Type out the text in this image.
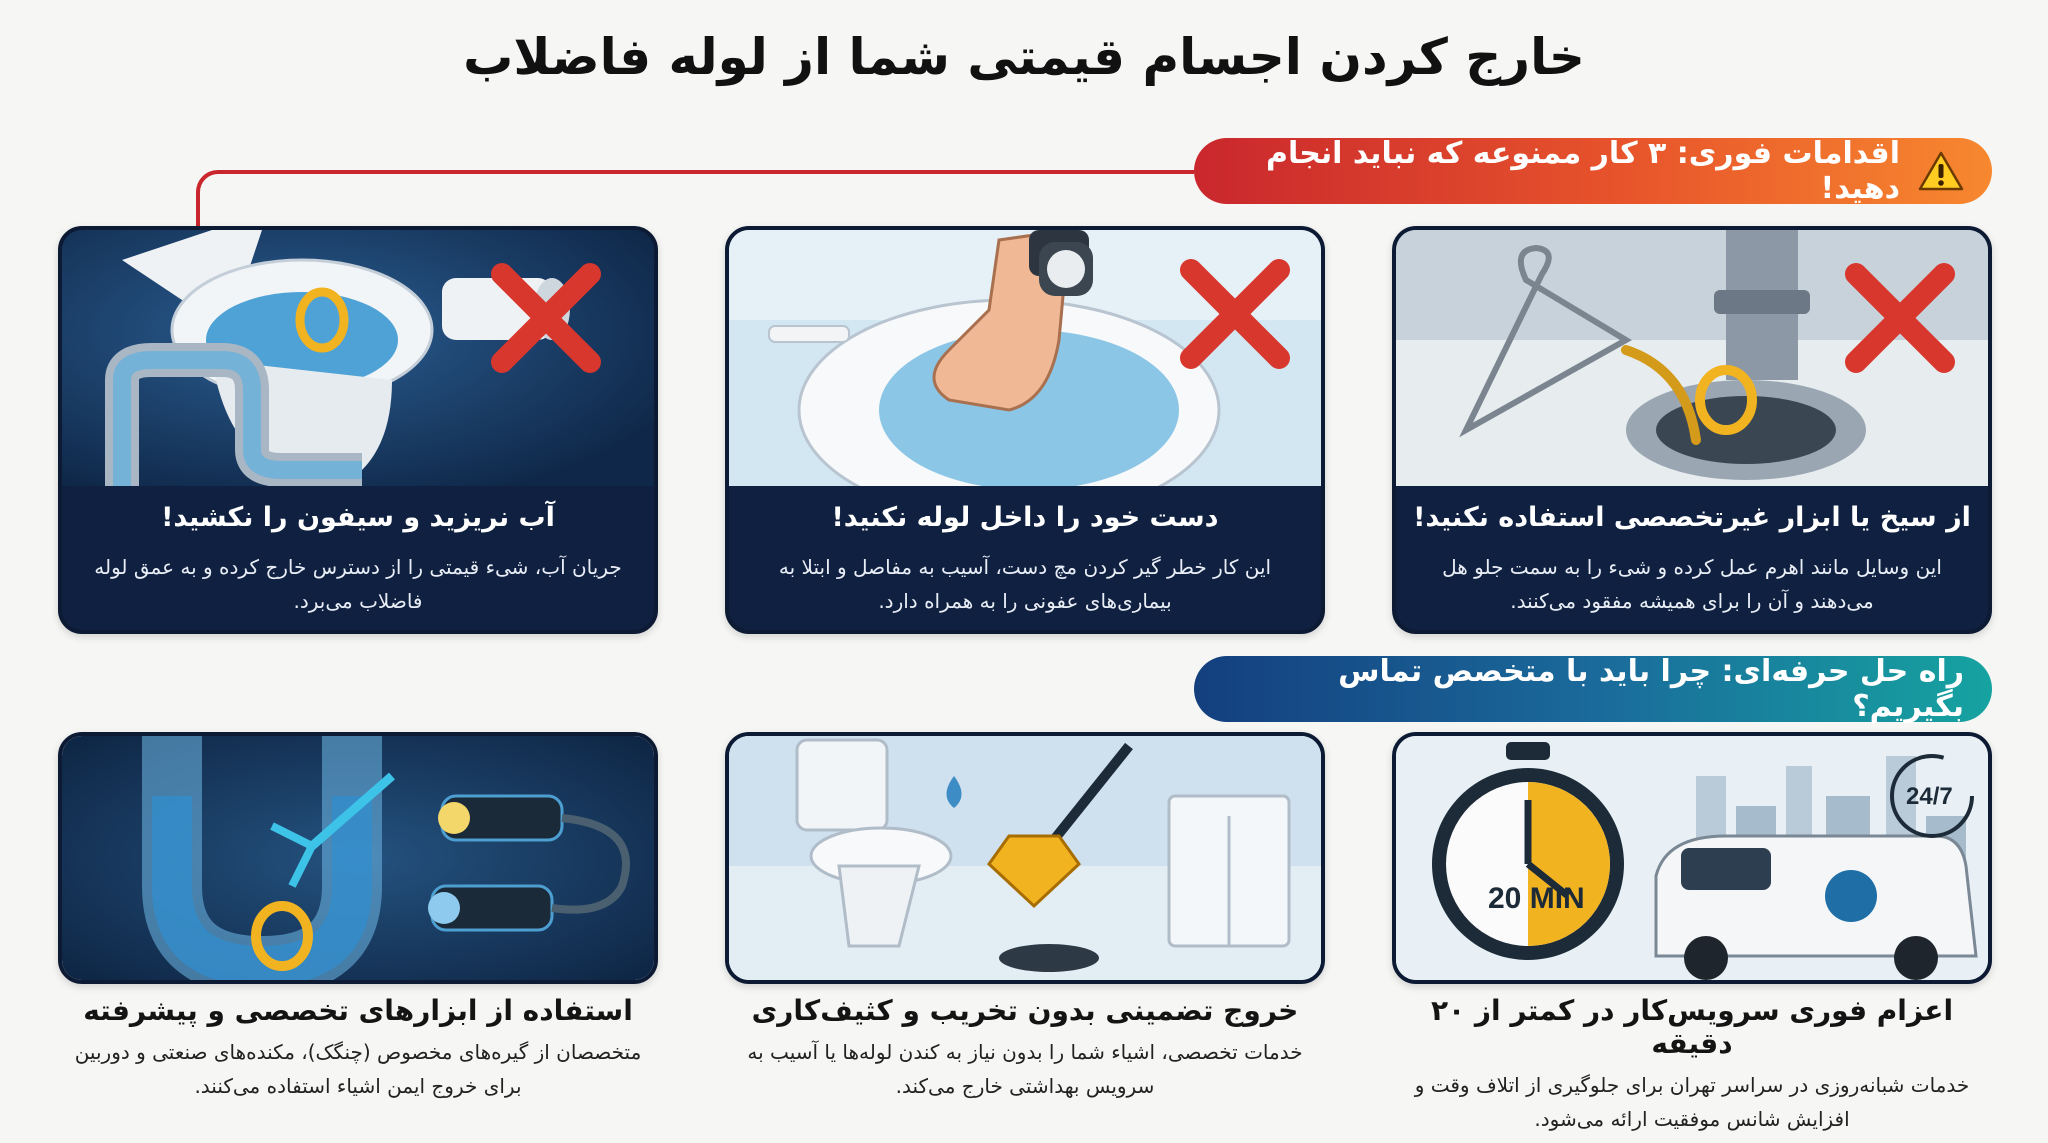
خارج کردن اجسام قیمتی شما از لوله فاضلاب
اقدامات فوری: ۳ کار ممنوعه که نباید انجام دهید!
از سیخ یا ابزار غیرتخصصی استفاده نکنید!
این وسایل مانند اهرم عمل کرده و شیء را به سمت جلو هل می‌دهند و آن را برای همیشه مفقود می‌کنند.
دست خود را داخل لوله نکنید!
این کار خطر گیر کردن مچ دست، آسیب به مفاصل و ابتلا به بیماری‌های عفونی را به همراه دارد.
آب نریزید و سیفون را نکشید!
جریان آب، شیء قیمتی را از دسترس خارج کرده و به عمق لوله فاضلاب می‌برد.
راه حل حرفه‌ای: چرا باید با متخصص تماس بگیریم؟
20 MIN
24/7
اعزام فوری سرویس‌کار در کمتر از ۲۰ دقیقه
خدمات شبانه‌روزی در سراسر تهران برای جلوگیری از اتلاف وقت و افزایش شانس موفقیت ارائه می‌شود.
خروج تضمینی بدون تخریب و کثیف‌کاری
خدمات تخصصی، اشیاء شما را بدون نیاز به کندن لوله‌ها یا آسیب به سرویس بهداشتی خارج می‌کند.
استفاده از ابزارهای تخصصی و پیشرفته
متخصصان از گیره‌های مخصوص (چنگک)، مکنده‌های صنعتی و دوربین برای خروج ایمن اشیاء استفاده می‌کنند.
